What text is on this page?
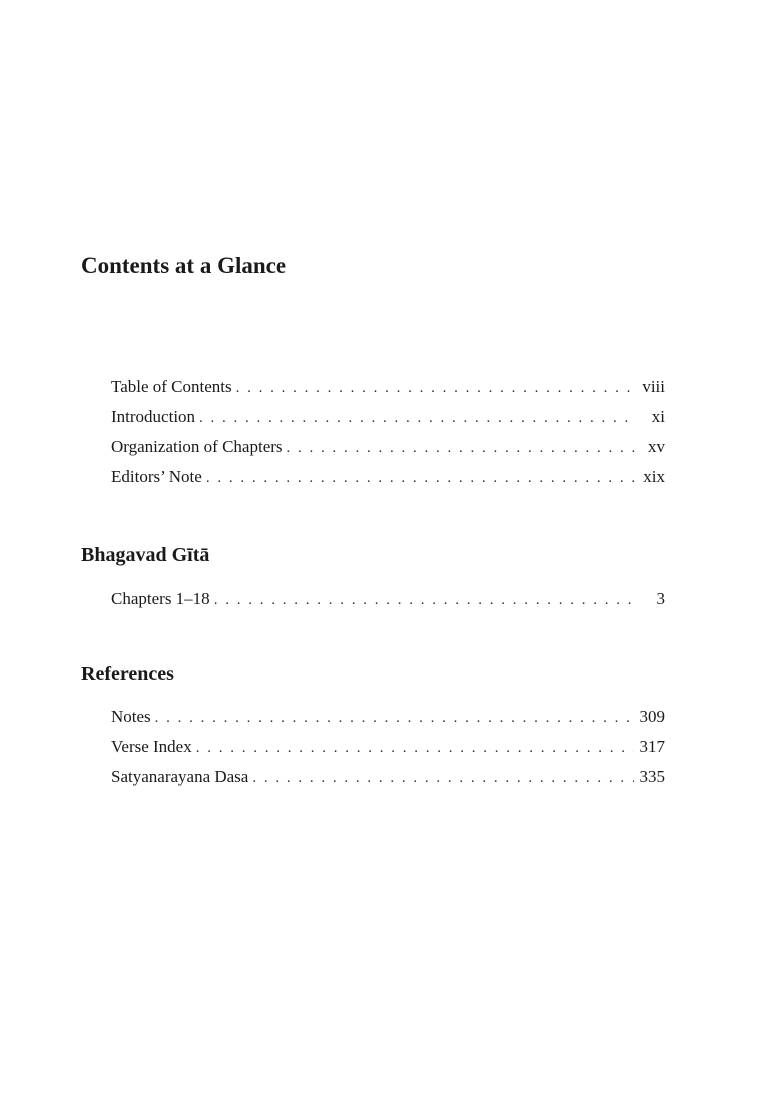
Contents at a Glance
Table of Contents . . .	viii
Introduction . . .	xi
Organization of Chapters . . .	xv
Editors’ Note . . .	xix
Bhagavad Gītā
Chapters 1–18 . . .	3
References
Notes . . .	309
Verse Index . . .	317
Satyanarayana Dasa . . .	335
